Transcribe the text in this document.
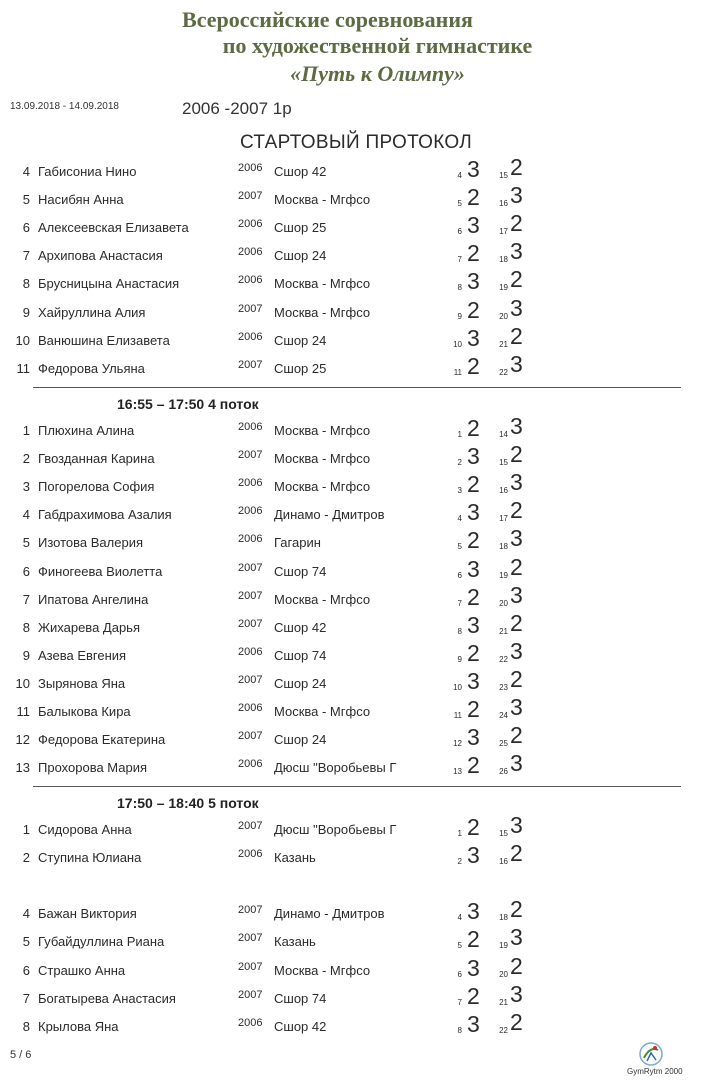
Всероссийские соревнования
по художественной гимнастике
«Путь к Олимпу»
13.09.2018 - 14.09.2018	2006 -2007 1р
СТАРТОВЫЙ ПРОТОКОЛ
4 Габисониа Нино	2006 Сшор 42	4 3	15 2
5 Насибян Анна	2007 Москва - Мгфсо	5 2	16 3
6 Алексеевская Елизавета	2006 Сшор 25	6 3	17 2
7 Архипова Анастасия	2006 Сшор 24	7 2	18 3
8 Брусницына Анастасия	2006 Москва - Мгфсо	8 3	19 2
9 Хайруллина Алия	2007 Москва - Мгфсо	9 2	20 3
10 Ванюшина Елизавета	2006 Сшор 24	10 3	21 2
11 Федорова Ульяна	2007 Сшор 25	11 2	22 3
16:55 – 17:50 4 поток
1 Плюхина Алина	2006 Москва - Мгфсо	1 2	14 3
2 Гвозданная Карина	2007 Москва - Мгфсо	2 3	15 2
3 Погорелова София	2006 Москва - Мгфсо	3 2	16 3
4 Габдрахимова Азалия	2006 Динамо - Дмитров	4 3	17 2
5 Изотова Валерия	2006 Гагарин	5 2	18 3
6 Финогеева Виолетта	2007 Сшор 74	6 3	19 2
7 Ипатова Ангелина	2007 Москва - Мгфсо	7 2	20 3
8 Жихарева Дарья	2007 Сшор 42	8 3	21 2
9 Азева Евгения	2006 Сшор 74	9 2	22 3
10 Зырянова Яна	2007 Сшор 24	10 3	23 2
11 Балыкова Кира	2006 Москва - Мгфсо	11 2	24 3
12 Федорова Екатерина	2007 Сшор 24	12 3	25 2
13 Прохорова Мария	2006 Дюсш "Воробьевы Г	13 2	26 3
17:50 – 18:40 5 поток
1 Сидорова Анна	2007 Дюсш "Воробьевы Г	1 2	15 3
2 Ступина Юлиана	2006 Казань	2 3	16 2
4 Бажан Виктория	2007 Динамо - Дмитров	4 3	18 2
5 Губайдуллина Риана	2007 Казань	5 2	19 3
6 Страшко Анна	2007 Москва - Мгфсо	6 3	20 2
7 Богатырева Анастасия	2007 Сшор 74	7 2	21 3
8 Крылова Яна	2006 Сшор 42	8 3	22 2
5 / 6
GymRytm 2000
